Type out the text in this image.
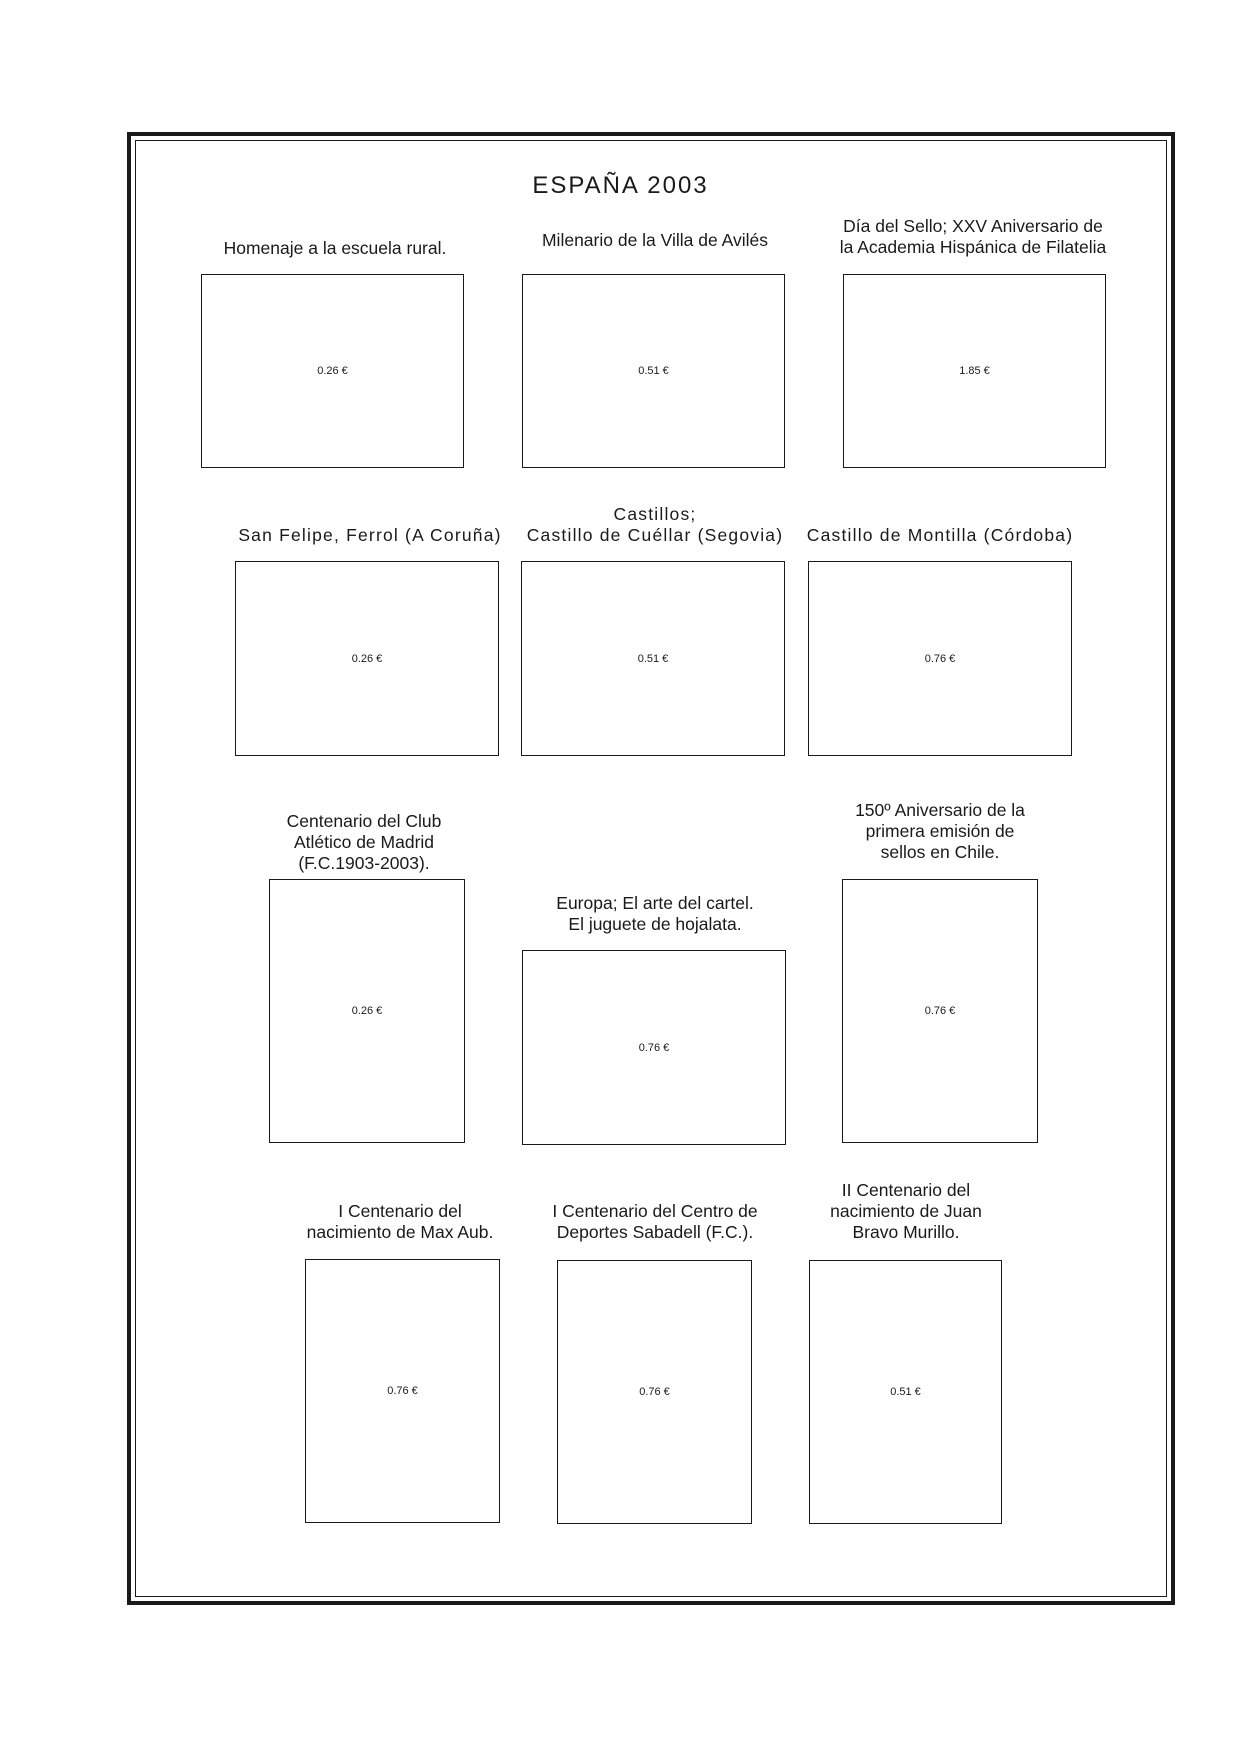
ESPAÑA 2003
Homenaje a la escuela rural.
0.26 €
Milenario de la Villa de Avilés
0.51 €
Día del Sello; XXV Aniversario de
la Academia Hispánica de Filatelia
1.85 €
San Felipe, Ferrol (A Coruña)
0.26 €
Castillos;
Castillo de Cuéllar (Segovia)
0.51 €
Castillo de Montilla (Córdoba)
0.76 €
Centenario del Club
Atlético de Madrid
(F.C.1903-2003).
0.26 €
Europa; El arte del cartel.
El juguete de hojalata.
0.76 €
150º Aniversario de la
primera emisión de
sellos en Chile.
0.76 €
I Centenario del
nacimiento de Max Aub.
0.76 €
I Centenario del Centro de
Deportes Sabadell (F.C.).
0.76 €
II Centenario del
nacimiento de Juan
Bravo Murillo.
0.51 €
